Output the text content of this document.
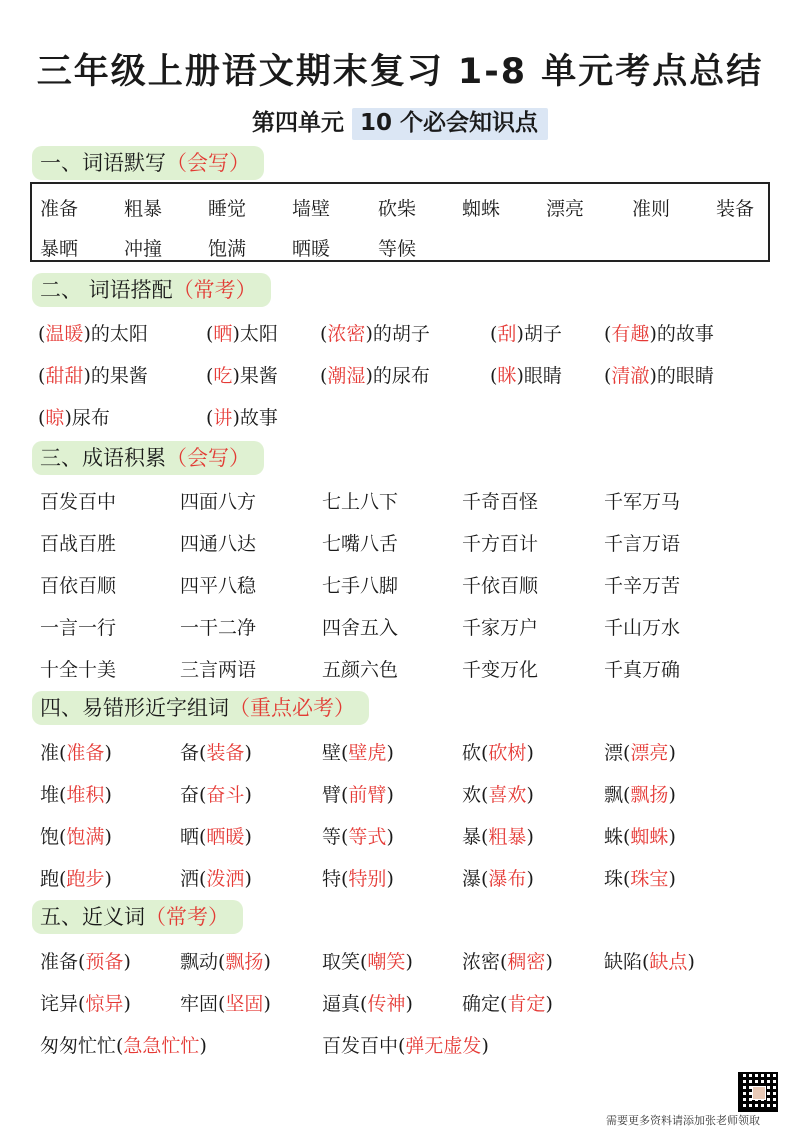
三年级上册语文期末复习 1-8 单元考点总结
第四单元 10 个必会知识点
一、词语默写（会写）
准备 粗暴 睡觉 墙壁	砍柴 蜘蛛 漂亮	准则 装备
暴晒 冲撞 饱满 晒暖	等候
二、 词语搭配（常考）
(温暖)的太阳	(晒)太阳 (浓密)的胡子	(刮)胡子 (有趣)的故事
(甜甜)的果酱	(吃)果酱 (潮湿)的尿布	(眯)眼睛 (清澈)的眼睛
(晾)尿布	(讲)故事
三、成语积累（会写）
百发百中	四面八方	七上八下	千奇百怪	千军万马
百战百胜	四通八达	七嘴八舌	千方百计	千言万语
百依百顺	四平八稳	七手八脚	千依百顺	千辛万苦
一言一行	一干二净	四舍五入	千家万户	千山万水
十全十美	三言两语	五颜六色	千变万化	千真万确
四、易错形近字组词（重点必考）
准(准备)	备(装备)	壁(壁虎)	砍(砍树)	漂(漂亮)
堆(堆积)	奋(奋斗)	臂(前臂)	欢(喜欢)	飘(飘扬)
饱(饱满)	晒(晒暖)	等(等式)	暴(粗暴)	蛛(蜘蛛)
跑(跑步)	洒(泼洒)	特(特别)	瀑(瀑布)	珠(珠宝)
五、近义词（常考）
准备(预备)	飘动(飘扬)	取笑(嘲笑)	浓密(稠密)	缺陷(缺点)
诧异(惊异)	牢固(坚固)	逼真(传神)	确定(肯定)
匆匆忙忙(急急忙忙)	百发百中(弹无虚发)
需要更多资料请添加张老师领取
